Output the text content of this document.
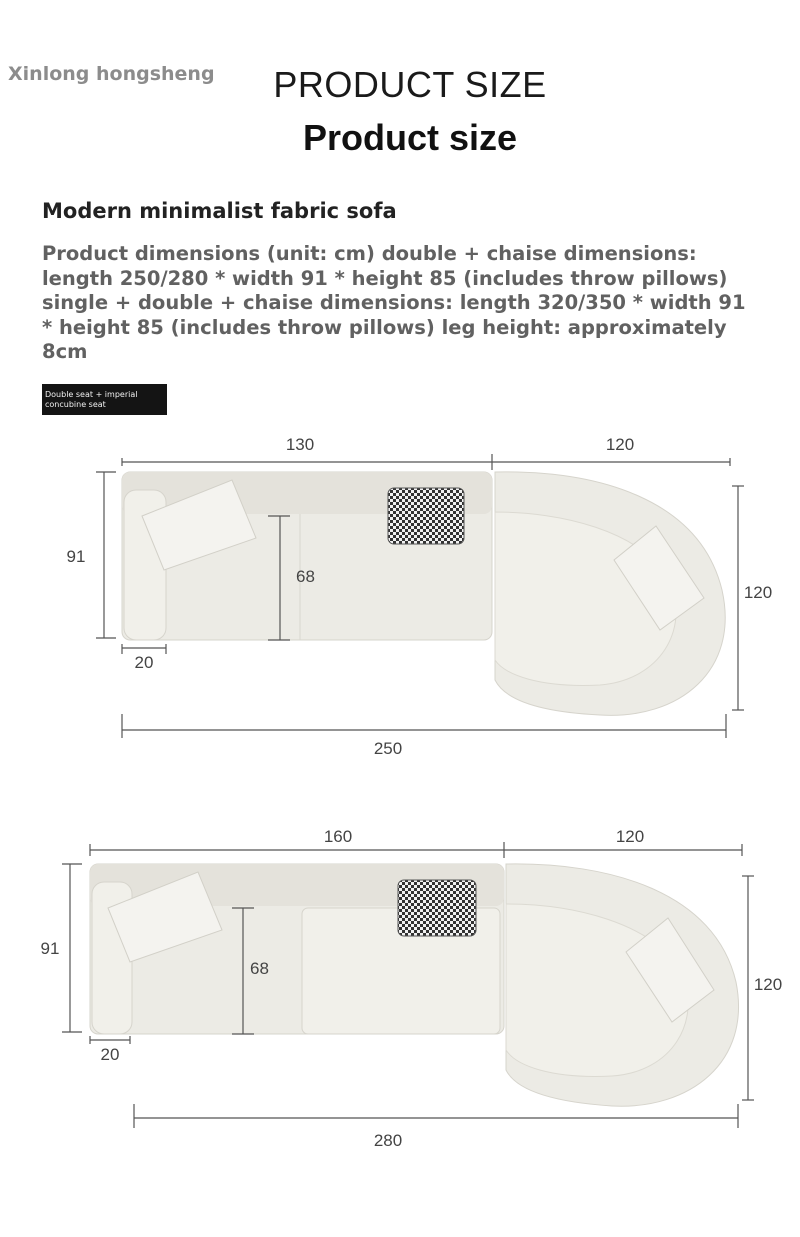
Xinlong hongsheng	PRODUCT SIZE
Product size
Modern minimalist fabric sofa
Product dimensions (unit: cm) double + chaise dimensions: length 250/280 * width 91 * height 85 (includes throw pillows) single + double + chaise dimensions: length 320/350 * width 91 * height 85 (includes throw pillows) leg height: approximately 8cm
Double seat + imperial
concubine seat
130	120
91
68
120
20
250
160	120
91
68
120
20
280
